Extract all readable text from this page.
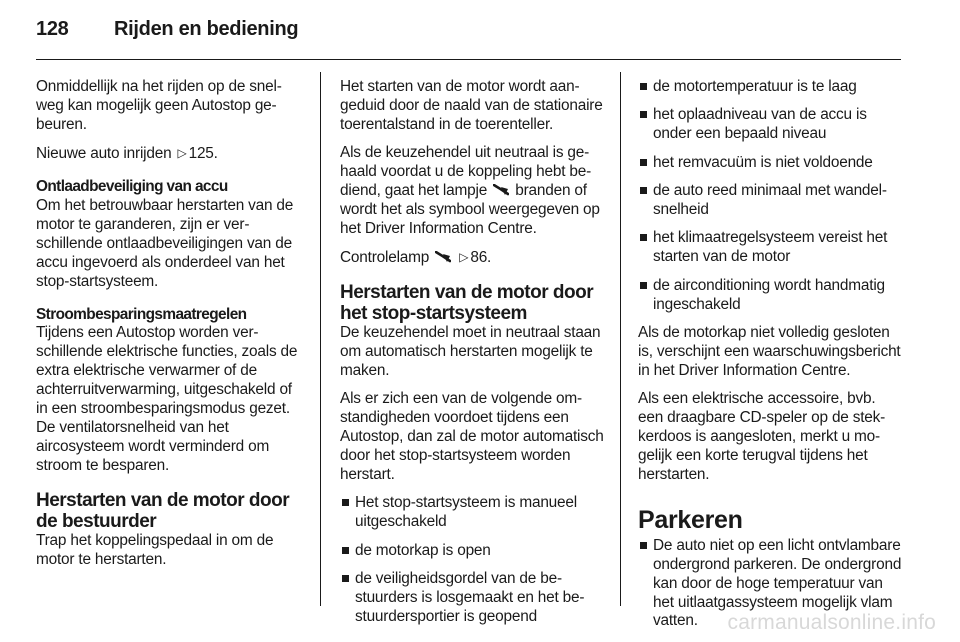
128 Rijden en bediening

Onmiddellijk na het rijden op de snelweg kan mogelijk geen Autostop gebeuren.

Nieuwe auto inrijden ▷ 125.

Ontlaadbeveiliging van accu
Om het betrouwbaar herstarten van de motor te garanderen, zijn er verschillende ontlaadbeveiligingen van de accu ingevoerd als onderdeel van het stop-startsysteem.

Stroombesparingsmaatregelen
Tijdens een Autostop worden verschillende elektrische functies, zoals de extra elektrische verwarmer of de achterruitverwarming, uitgeschakeld of in een stroombesparingsmodus gezet. De ventilatorsnelheid van het aircosysteem wordt verminderd om stroom te besparen.

Herstarten van de motor door de bestuurder

Trap het koppelingspedaal in om de motor te herstarten.

Het starten van de motor wordt aangeduid door de naald van de stationaire toerentalstand in de toerenteller.

Als de keuzehendel uit neutraal is gehaald voordat u de koppeling hebt bediend, gaat het lampje branden of wordt het als symbool weergegeven op het Driver Information Centre.

Controlelamp	▷ 86.

Herstarten van de motor door het stop-startsysteem

De keuzehendel moet in neutraal staan om automatisch herstarten mogelijk te maken.

Als er zich een van de volgende omstandigheden voordoet tijdens een Autostop, dan zal de motor automatisch door het stop-startsysteem worden herstart.

Het stop-startsysteem is manueel uitgeschakeld
de motorkap is open
de veiligheidsgordel van de bestuurders is losgemaakt en het bestuurdersportier is geopend
de motortemperatuur is te laag
het oplaadniveau van de accu is onder een bepaald niveau
het remvacuüm is niet voldoende
de auto reed minimaal met wandelsnelheid
het klimaatregelsysteem vereist het starten van de motor
de airconditioning wordt handmatig ingeschakeld

Als de motorkap niet volledig gesloten is, verschijnt een waarschuwingsbericht in het Driver Information Centre.

Als een elektrische accessoire, bvb. een draagbare CD-speler op de stekkerdoos is aangesloten, merkt u mogelijk een korte terugval tijdens het herstarten.

Parkeren
De auto niet op een licht ontvlambare ondergrond parkeren. De ondergrond kan door de hoge temperatuur van het uitlaatgassysteem mogelijk vlam vatten.	carmanualsonline.info
